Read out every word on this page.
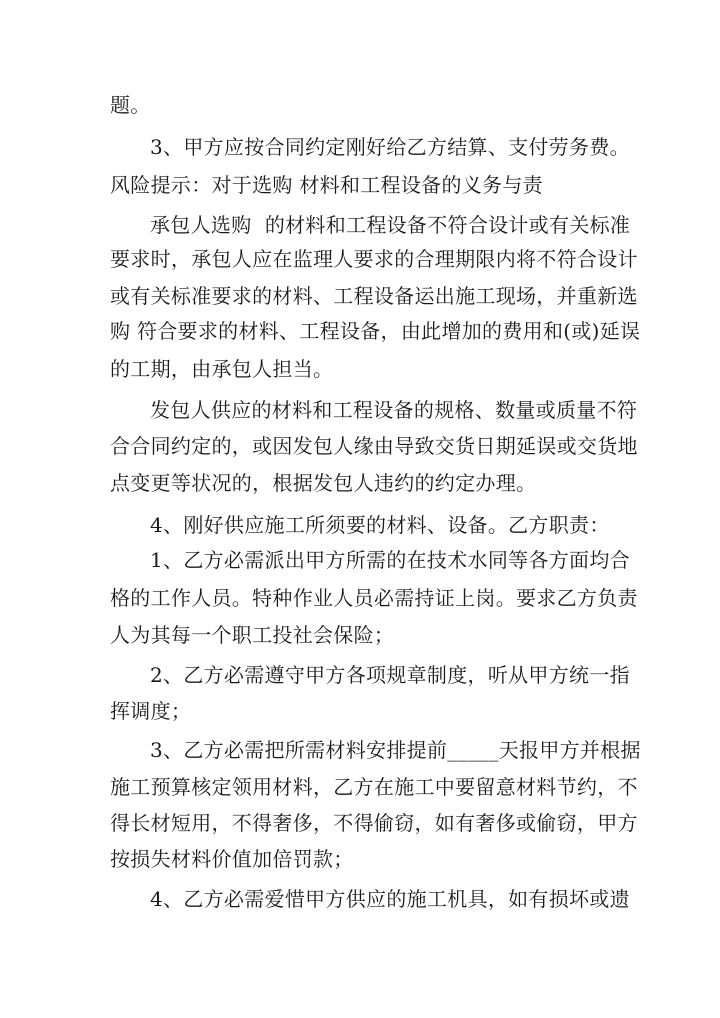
题。
3、甲方应按合同约定刚好给乙方结算、支付劳务费。
风险提示：对于选购 材料和工程设备的义务与责
承包人选购  的材料和工程设备不符合设计或有关标准
要求时，承包人应在监理人要求的合理期限内将不符合设计
或有关标准要求的材料、工程设备运出施工现场，并重新选
购 符合要求的材料、工程设备，由此增加的费用和(或)延误
的工期，由承包人担当。
发包人供应的材料和工程设备的规格、数量或质量不符
合合同约定的，或因发包人缘由导致交货日期延误或交货地
点变更等状况的，根据发包人违约的约定办理。
4、刚好供应施工所须要的材料、设备。乙方职责：
1、乙方必需派出甲方所需的在技术水同等各方面均合
格的工作人员。特种作业人员必需持证上岗。要求乙方负责
人为其每一个职工投社会保险；
2、乙方必需遵守甲方各项规章制度，听从甲方统一指
挥调度；
3、乙方必需把所需材料安排提前_____天报甲方并根据
施工预算核定领用材料，乙方在施工中要留意材料节约，不
得长材短用，不得奢侈，不得偷窃，如有奢侈或偷窃，甲方
按损失材料价值加倍罚款；
4、乙方必需爱惜甲方供应的施工机具，如有损坏或遗
